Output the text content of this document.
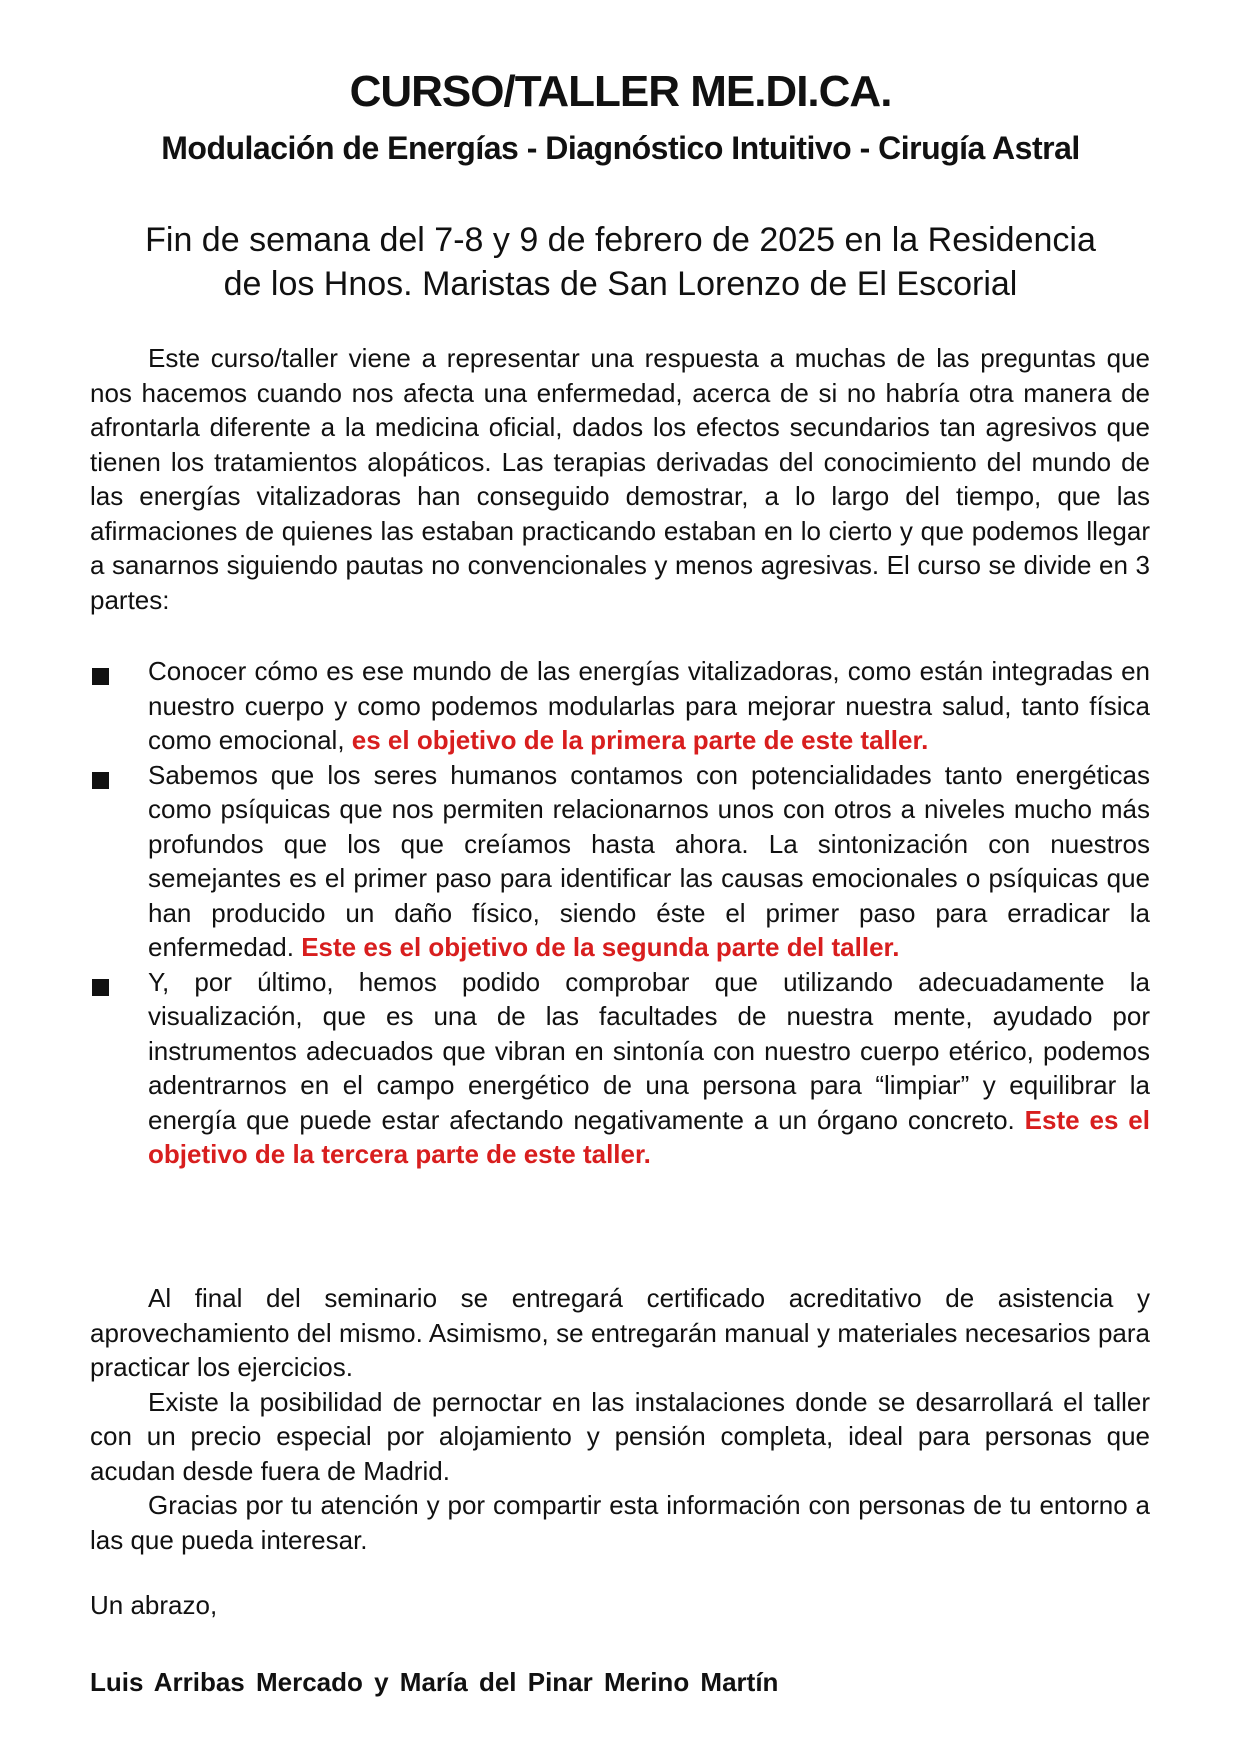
CURSO/TALLER ME.DI.CA.
Modulación de Energías - Diagnóstico Intuitivo - Cirugía Astral

Fin de semana del 7-8 y 9 de febrero de 2025 en la Residencia
de los Hnos. Maristas de San Lorenzo de El Escorial

Este curso/taller viene a representar una respuesta a muchas de las preguntas que nos hacemos cuando nos afecta una enfermedad, acerca de si no habría otra manera de afrontarla diferente a la medicina oficial, dados los efectos secundarios tan agresivos que tienen los tratamientos alopáticos. Las terapias derivadas del conocimiento del mundo de las energías vitalizadoras han conseguido demostrar, a lo largo del tiempo, que las afirmaciones de quienes las estaban practicando estaban en lo cierto y que podemos llegar a sanarnos siguiendo pautas no convencionales y menos agresivas. El curso se divide en 3 partes:

Conocer cómo es ese mundo de las energías vitalizadoras, como están integradas en nuestro cuerpo y como podemos modularlas para mejorar nuestra salud, tanto física como emocional, es el objetivo de la primera parte de este taller.
Sabemos que los seres humanos contamos con potencialidades tanto energéticas como psíquicas que nos permiten relacionarnos unos con otros a niveles mucho más profundos que los que creíamos hasta ahora. La sintonización con nuestros semejantes es el primer paso para identificar las causas emocionales o psíquicas que han producido un daño físico, siendo éste el primer paso para erradicar la enfermedad. Este es el objetivo de la segunda parte del taller.
Y, por último, hemos podido comprobar que utilizando adecuadamente la visualización, que es una de las facultades de nuestra mente, ayudado por instrumentos adecuados que vibran en sintonía con nuestro cuerpo etérico, podemos adentrarnos en el campo energético de una persona para “limpiar” y equilibrar la energía que puede estar afectando negativamente a un órgano concreto. Este es el objetivo de la tercera parte de este taller.

Al final del seminario se entregará certificado acreditativo de asistencia y aprovechamiento del mismo. Asimismo, se entregarán manual y materiales necesarios para practicar los ejercicios.

Existe la posibilidad de pernoctar en las instalaciones donde se desarrollará el taller con un precio especial por alojamiento y pensión completa, ideal para personas que acudan desde fuera de Madrid.

Gracias por tu atención y por compartir esta información con personas de tu entorno a las que pueda interesar.

Un abrazo,

Luis Arribas Mercado y María del Pinar Merino Martín
